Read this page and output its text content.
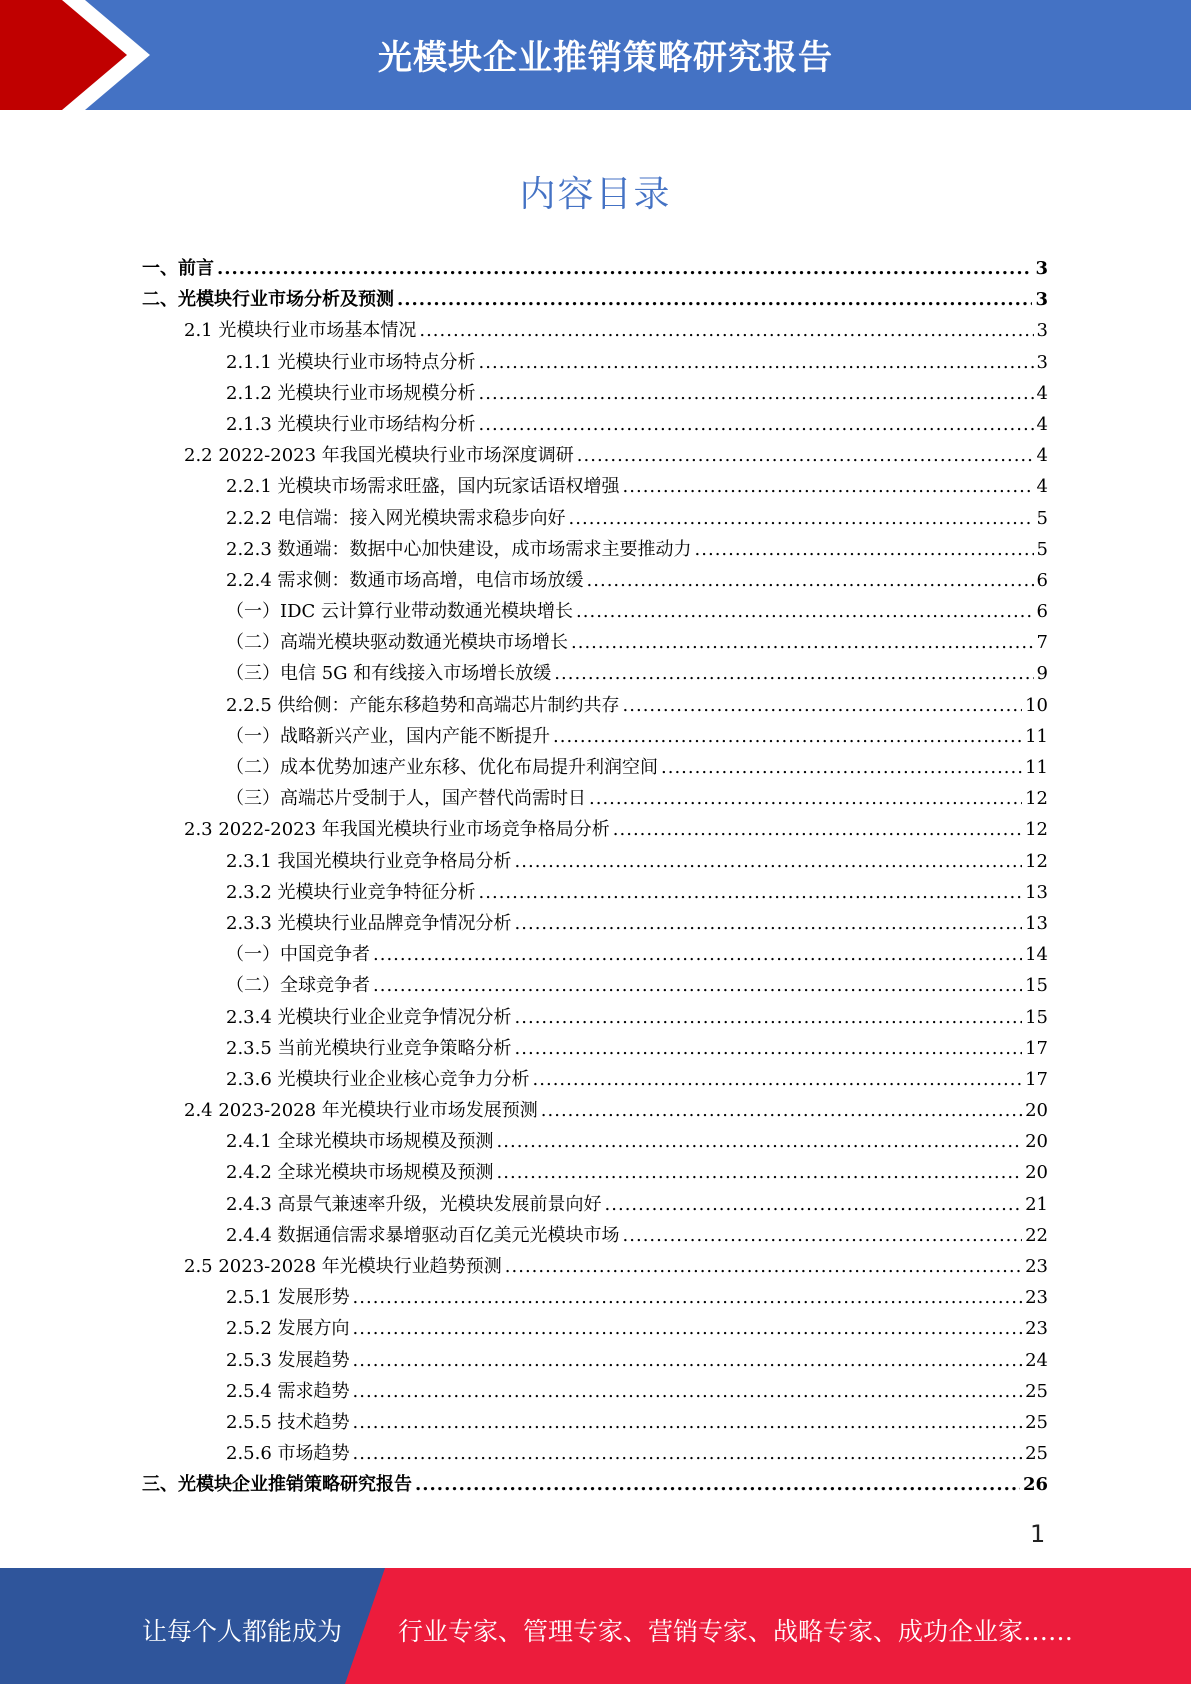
光模块企业推销策略研究报告
内容目录
一、前言 .....	3
二、光模块行业市场分析及预测 .....	3
2.1 光模块行业市场基本情况 .....	3
2.1.1 光模块行业市场特点分析 .....	3
2.1.2 光模块行业市场规模分析 .....	4
2.1.3 光模块行业市场结构分析 .....	4
2.2 2022-2023 年我国光模块行业市场深度调研 .....	4
2.2.1 光模块市场需求旺盛，国内玩家话语权增强 .....	4
2.2.2 电信端：接入网光模块需求稳步向好 .....	5
2.2.3 数通端：数据中心加快建设，成市场需求主要推动力 .....	5
2.2.4 需求侧：数通市场高增，电信市场放缓 .....	6
（一）IDC 云计算行业带动数通光模块增长 .....	6
（二）高端光模块驱动数通光模块市场增长 .....	7
（三）电信 5G 和有线接入市场增长放缓 .....	9
2.2.5 供给侧：产能东移趋势和高端芯片制约共存 .....	10
（一）战略新兴产业，国内产能不断提升 .....	11
（二）成本优势加速产业东移、优化布局提升利润空间 .....	11
（三）高端芯片受制于人，国产替代尚需时日 .....	12
2.3 2022-2023 年我国光模块行业市场竞争格局分析 .....	12
2.3.1 我国光模块行业竞争格局分析 .....	12
2.3.2 光模块行业竞争特征分析 .....	13
2.3.3 光模块行业品牌竞争情况分析 .....	13
（一）中国竞争者 .....	14
（二）全球竞争者 .....	15
2.3.4 光模块行业企业竞争情况分析 .....	15
2.3.5 当前光模块行业竞争策略分析 .....	17
2.3.6 光模块行业企业核心竞争力分析 .....	17
2.4 2023-2028 年光模块行业市场发展预测 .....	20
2.4.1 全球光模块市场规模及预测 .....	20
2.4.2 全球光模块市场规模及预测 .....	20
2.4.3 高景气兼速率升级，光模块发展前景向好 .....	21
2.4.4 数据通信需求暴增驱动百亿美元光模块市场 .....	22
2.5 2023-2028 年光模块行业趋势预测 .....	23
2.5.1 发展形势 .....	23
2.5.2 发展方向 .....	23
2.5.3 发展趋势 .....	24
2.5.4 需求趋势 .....	25
2.5.5 技术趋势 .....	25
2.5.6 市场趋势 .....	25
三、光模块企业推销策略研究报告 .....	26
1
让每个人都能成为 行业专家、管理专家、营销专家、战略专家、成功企业家……
